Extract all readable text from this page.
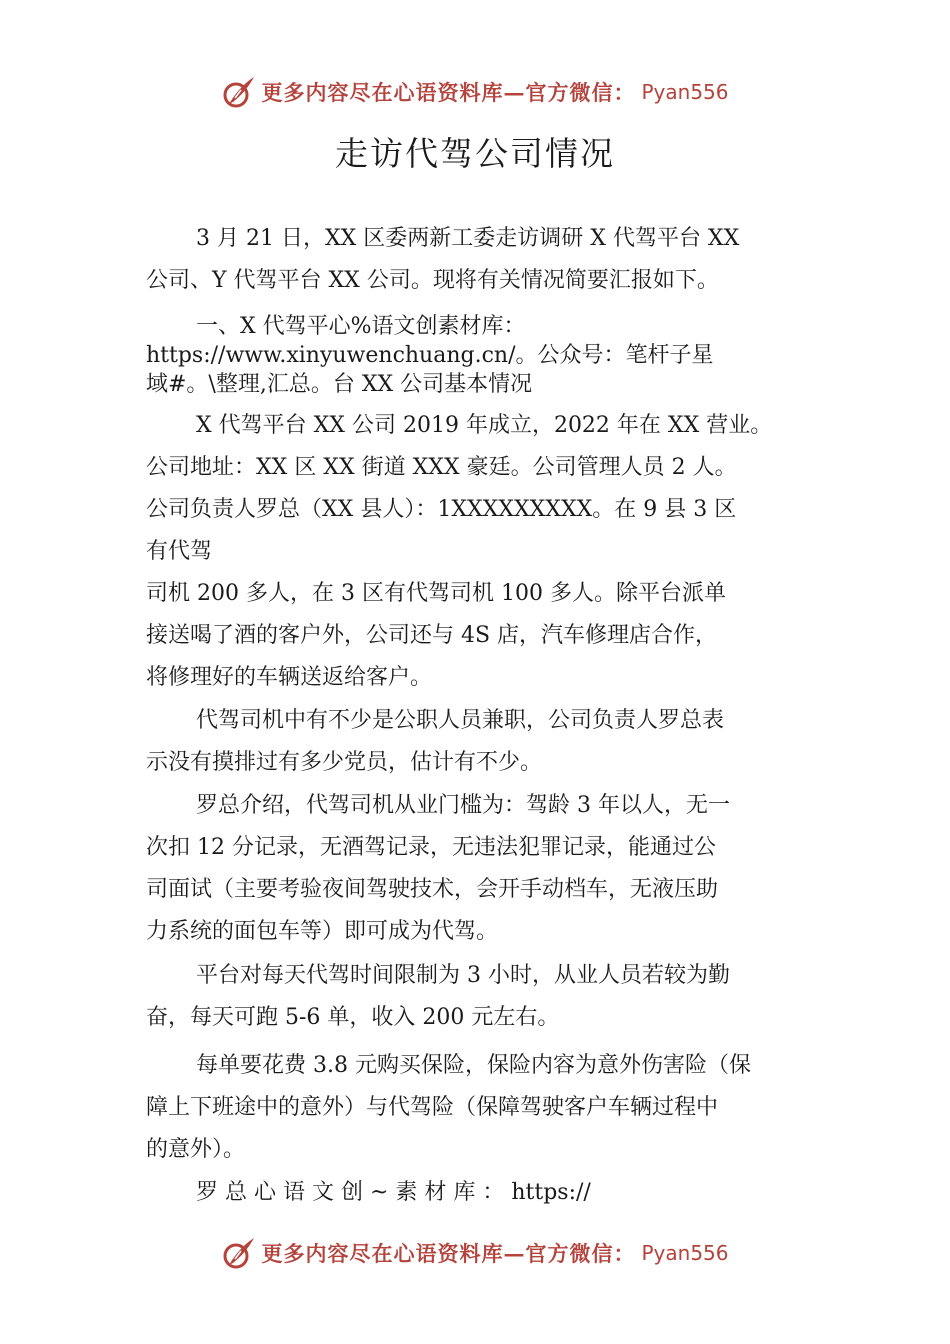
更多内容尽在心语资料库—官方微信： Pyan556
走访代驾公司情况
3 月 21 日，XX 区委两新工委走访调研 X 代驾平台 XX
公司、Y 代驾平台 XX 公司。现将有关情况简要汇报如下。
一、X 代驾平心%语文创素材库：
https://www.xinyuwenchuang.cn/。公众号：笔杆子星
域#。\整理,汇总。台 XX 公司基本情况
X 代驾平台 XX 公司 2019 年成立，2022 年在 XX 营业。
公司地址：XX 区 XX 街道 XXX 豪廷。公司管理人员 2 人。
公司负责人罗总（XX 县人）：1XXXXXXXXX。在 9 县 3 区
有代驾
司机 200 多人，在 3 区有代驾司机 100 多人。除平台派单
接送喝了酒的客户外，公司还与 4S 店，汽车修理店合作，
将修理好的车辆送返给客户。
代驾司机中有不少是公职人员兼职，公司负责人罗总表
示没有摸排过有多少党员，估计有不少。
罗总介绍，代驾司机从业门槛为：驾龄 3 年以人，无一
次扣 12 分记录，无酒驾记录，无违法犯罪记录，能通过公
司面试（主要考验夜间驾驶技术，会开手动档车，无液压助
力系统的面包车等）即可成为代驾。
平台对每天代驾时间限制为 3 小时，从业人员若较为勤
奋，每天可跑 5-6 单，收入 200 元左右。
每单要花费 3.8 元购买保险，保险内容为意外伤害险（保
障上下班途中的意外）与代驾险（保障驾驶客户车辆过程中
的意外）。
罗 总 心 语 文 创 ~ 素 材 库 ： https://
更多内容尽在心语资料库—官方微信： Pyan556
